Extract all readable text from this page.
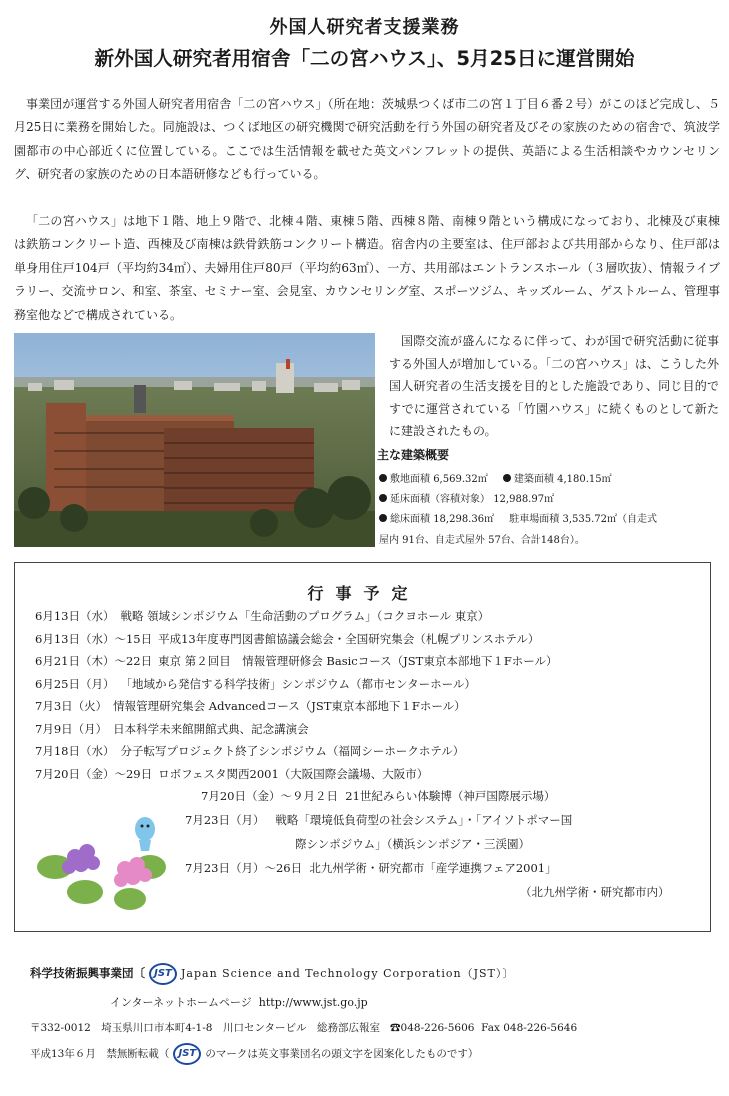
外国人研究者支援業務
新外国人研究者用宿舎「二の宮ハウス」、5月25日に運営開始

事業団が運営する外国人研究者用宿舎「二の宮ハウス」（所在地：茨城県つくば市二の宮１丁目６番２号）がこのほど完成し、５月25日に業務を開始した。同施設は、つくば地区の研究機関で研究活動を行う外国の研究者及びその家族のための宿舎で、筑波学園都市の中心部近くに位置している。ここでは生活情報を載せた英文パンフレットの提供、英語による生活相談やカウンセリング、研究者の家族のための日本語研修なども行っている。

「二の宮ハウス」は地下１階、地上９階で、北棟４階、東棟５階、西棟８階、南棟９階という構成になっており、北棟及び東棟は鉄筋コンクリート造、西棟及び南棟は鉄骨鉄筋コンクリート構造。宿舎内の主要室は、住戸部および共用部からなり、住戸部は単身用住戸104戸（平均約34㎡）、夫婦用住戸80戸（平均約63㎡）、一方、共用部はエントランスホール（３層吹抜）、情報ライブラリー、交流サロン、和室、茶室、セミナー室、会見室、カウンセリング室、スポーツジム、キッズルーム、ゲストルーム、管理事務室他などで構成されている。

国際交流が盛んになるに伴って、わが国で研究活動に従事する外国人が増加している。「二の宮ハウス」は、こうした外国人研究者の生活支援を目的とした施設であり、同じ目的ですでに運営されている「竹園ハウス」に続くものとして新たに建設されたもの。

主な建築概要
敷地面積 6,569.32㎡	建築面積 4,180.15㎡
延床面積（容積対象） 12,988.97㎡
総床面積 18,298.36㎡ 駐車場面積 3,535.72㎡（自走式
屋内 91台、自走式屋外 57台、合計148台）。
行事予定
6月13日（水） 戦略 領域シンポジウム「生命活動のプログラム」（コクヨホール 東京）
6月13日（水）～15日 平成13年度専門図書館協議会総会・全国研究集会（札幌プリンスホテル）
6月21日（木）～22日 東京 第２回目　情報管理研修会 Basicコース（JST東京本部地下１Fホール）
6月25日（月） 「地域から発信する科学技術」シンポジウム（都市センターホール）
7月3日（火） 情報管理研究集会 Advancedコース（JST東京本部地下１Fホール）
7月9日（月） 日本科学未来館開館式典、記念講演会
7月18日（水） 分子転写プロジェクト終了シンポジウム（福岡シーホークホテル）
7月20日（金）～29日 ロボフェスタ関西2001（大阪国際会議場、大阪市）
7月20日（金）～９月２日 21世紀みらい体験博（神戸国際展示場）
7月23日（月） 戦略「環境低負荷型の社会システム」・「アイソトポマー国
際シンポジウム」（横浜シンポジア・三渓園）
7月23日（月）～26日 北九州学術・研究都市「産学連携フェア2001」
（北九州学術・研究都市内）
科学技術振興事業団〔 JST Japan Science and Technology Corporation（JST）〕
インターネットホームページ http://www.jst.go.jp
〒332-0012　埼玉県川口市本町4-1-8　川口センタービル　総務部広報室 ☎048-226-5606 Fax 048-226-5646
平成13年６月　禁無断転載（ JST のマークは英文事業団名の頭文字を図案化したものです）
